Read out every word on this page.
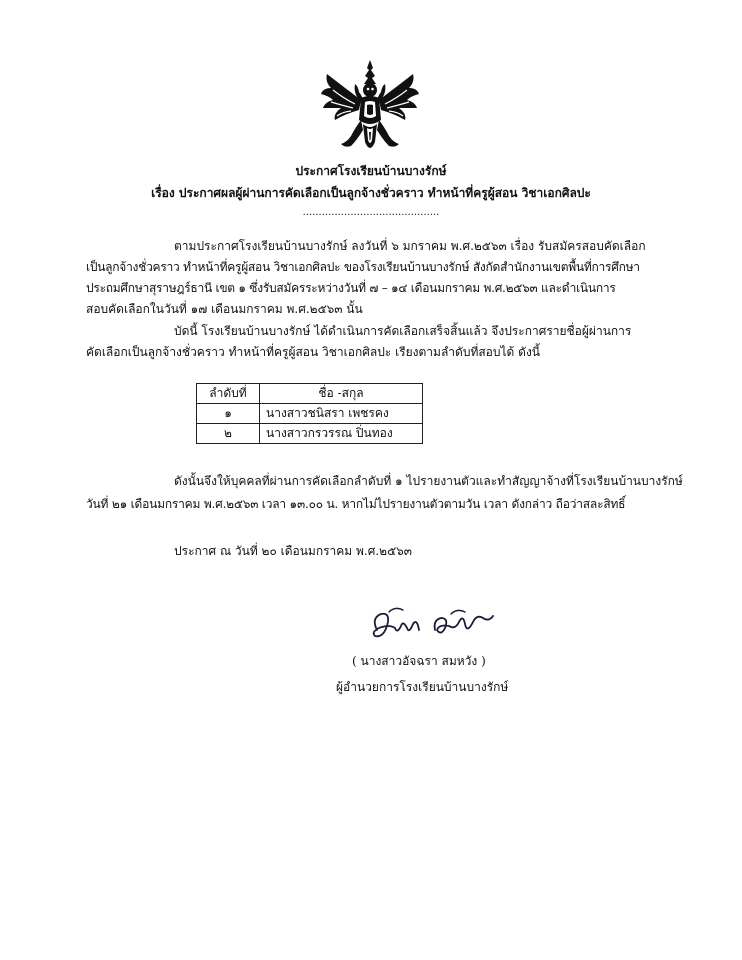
ประกาศโรงเรียนบ้านบางรักษ์
เรื่อง ประกาศผลผู้ผ่านการคัดเลือกเป็นลูกจ้างชั่วคราว ทำหน้าที่ครูผู้สอน วิชาเอกศิลปะ
...........................................
ตามประกาศโรงเรียนบ้านบางรักษ์ ลงวันที่ ๖ มกราคม พ.ศ.๒๕๖๓ เรื่อง รับสมัครสอบคัดเลือก
เป็นลูกจ้างชั่วคราว ทำหน้าที่ครูผู้สอน วิชาเอกศิลปะ ของโรงเรียนบ้านบางรักษ์ สังกัดสำนักงานเขตพื้นที่การศึกษา
ประถมศึกษาสุราษฎร์ธานี เขต ๑ ซึ่งรับสมัครระหว่างวันที่ ๗ – ๑๔ เดือนมกราคม พ.ศ.๒๕๖๓ และดำเนินการ
สอบคัดเลือกในวันที่ ๑๗ เดือนมกราคม พ.ศ.๒๕๖๓ นั้น
บัดนี้ โรงเรียนบ้านบางรักษ์ ได้ดำเนินการคัดเลือกเสร็จสิ้นแล้ว จึงประกาศรายชื่อผู้ผ่านการ
คัดเลือกเป็นลูกจ้างชั่วคราว ทำหน้าที่ครูผู้สอน วิชาเอกศิลปะ เรียงตามลำดับที่สอบได้ ดังนี้
ลำดับที่	ชื่อ -สกุล
๑	นางสาวชนิสรา เพชรคง
๒	นางสาวกรวรรณ ปิ่นทอง
ดังนั้นจึงให้บุคคลที่ผ่านการคัดเลือกลำดับที่ ๑ ไปรายงานตัวและทำสัญญาจ้างที่โรงเรียนบ้านบางรักษ์
วันที่ ๒๑ เดือนมกราคม พ.ศ.๒๕๖๓ เวลา ๑๓.๐๐ น. หากไม่ไปรายงานตัวตามวัน เวลา ดังกล่าว ถือว่าสละสิทธิ์
ประกาศ ณ วันที่ ๒๐ เดือนมกราคม พ.ศ.๒๕๖๓
( นางสาวอัจฉรา สมหวัง )
ผู้อำนวยการโรงเรียนบ้านบางรักษ์
